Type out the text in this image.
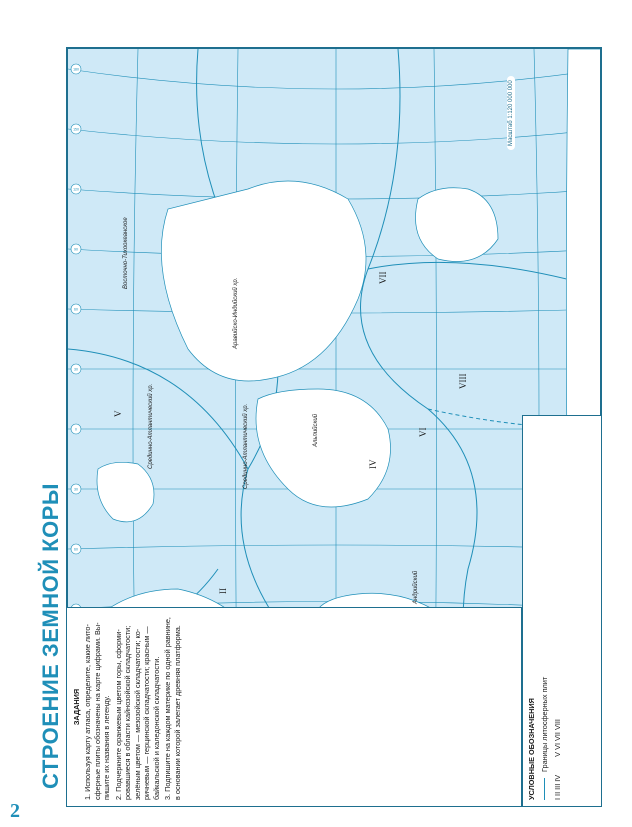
2
СТРОЕНИЕ ЗЕМНОЙ КОРЫ
180
150
120
90
60
30
0
30
60
II
IV
V
VI
VII
VIII
Восточно-Тихоокеанское
Срединно-Атлантический хр.	Срединно-Атлантический хр.
Аравийско-Индийский хр.
Альпийский
Андрийский
ЗАДАНИЯ 1. Используя карту атласа, определите, какие лито-сферные плиты обозначены на карте цифрами. Вы-пишите их названия в легенду. 2. Подчеркните оранжевым цветом горы, сформи-ровавшиеся в области кайнозойской складчатости; зелёным цветом — мезозойской складчатости; ко-ричневым — герцинской складчатости; красным — байкальской и каледонской складчатости. 3. Подпишите на каждом материке по одной равнине, в основании которой залегает древняя платформа.	УСЛОВНЫЕ ОБОЗНАЧЕНИЯ Границы литосферных плит
I II III IV
V VI VII VIII
Масштаб 1:120 000 000
